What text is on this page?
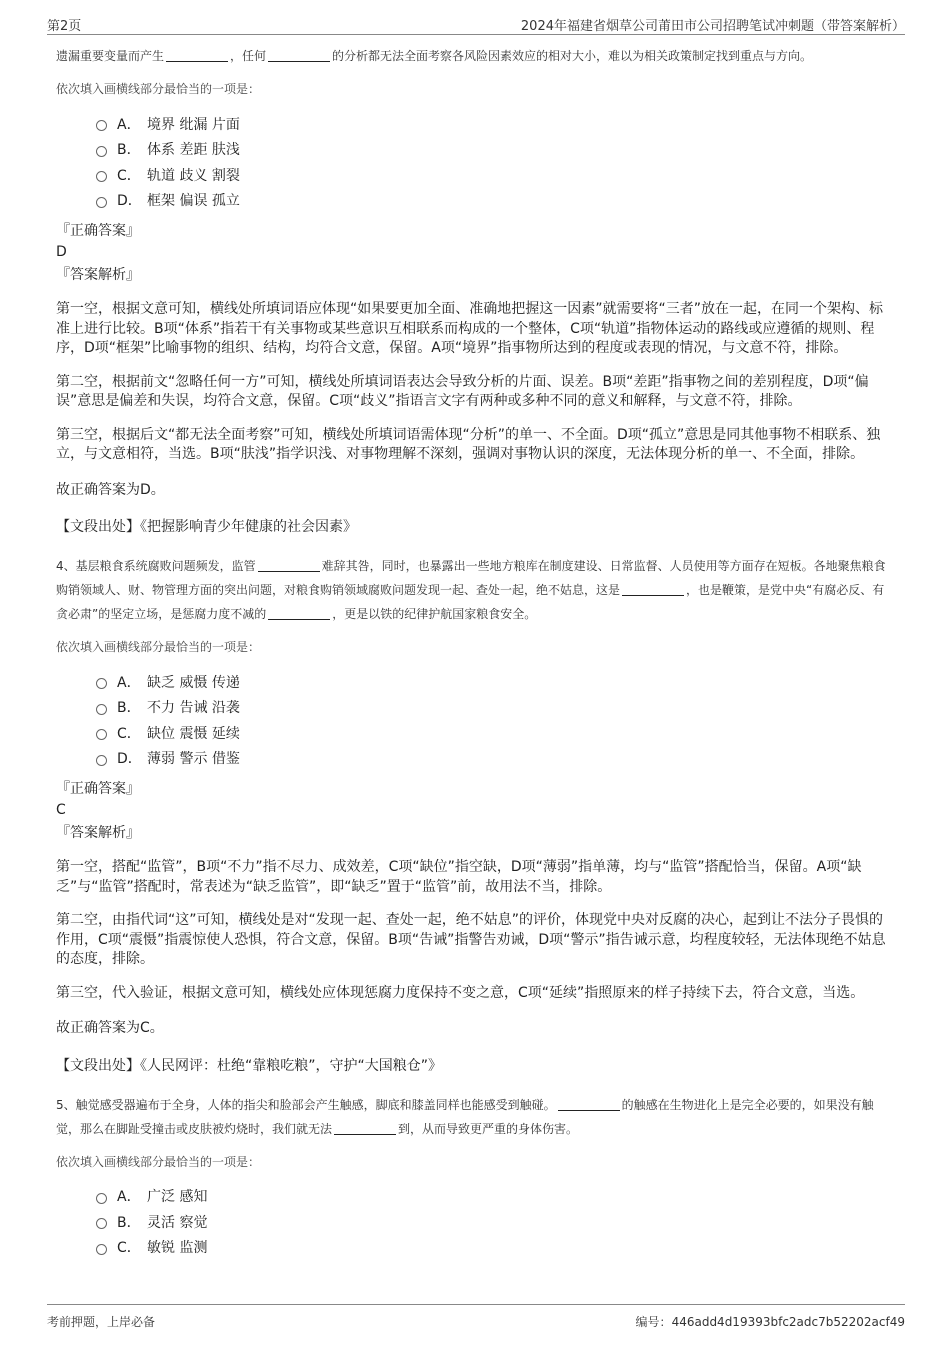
第2页	2024年福建省烟草公司莆田市公司招聘笔试冲刺题（带答案解析）
遗漏重要变量而产生	，任何	的分析都无法全面考察各风险因素效应的相对大小，难以为相关政策制定找到重点与方向。
依次填入画横线部分最恰当的一项是：
A． 境界 纰漏 片面
B． 体系 差距 肤浅
C． 轨道 歧义 割裂
D． 框架 偏误 孤立
『正确答案』
D
『答案解析』
第一空，根据文意可知，横线处所填词语应体现“如果要更加全面、准确地把握这一因素”就需要将“三者”放在一起，在同一个架构、标准上进行比较。B项“体系”指若干有关事物或某些意识互相联系而构成的一个整体，C项“轨道”指物体运动的路线或应遵循的规则、程序，D项“框架”比喻事物的组织、结构，均符合文意，保留。A项“境界”指事物所达到的程度或表现的情况，与文意不符，排除。
第二空，根据前文“忽略任何一方”可知，横线处所填词语表达会导致分析的片面、误差。B项“差距”指事物之间的差别程度，D项“偏误”意思是偏差和失误，均符合文意，保留。C项“歧义”指语言文字有两种或多种不同的意义和解释，与文意不符，排除。
第三空，根据后文“都无法全面考察”可知，横线处所填词语需体现“分析”的单一、不全面。D项“孤立”意思是同其他事物不相联系、独立，与文意相符，当选。B项“肤浅”指学识浅、对事物理解不深刻，强调对事物认识的深度，无法体现分析的单一、不全面，排除。
故正确答案为D。
【文段出处】《把握影响青少年健康的社会因素》
4、基层粮食系统腐败问题频发，监管	难辞其咎，同时，也暴露出一些地方粮库在制度建设、日常监督、人员使用等方面存在短板。各地聚焦粮食购销领域人、财、物管理方面的突出问题，对粮食购销领域腐败问题发现一起、查处一起，绝不姑息，这是	，也是鞭策，是党中央“有腐必反、有贪必肃”的坚定立场，是惩腐力度不减的	，更是以铁的纪律护航国家粮食安全。
依次填入画横线部分最恰当的一项是：
A． 缺乏 威慑 传递
B． 不力 告诫 沿袭
C． 缺位 震慑 延续
D． 薄弱 警示 借鉴
『正确答案』
C
『答案解析』
第一空，搭配“监管”，B项“不力”指不尽力、成效差，C项“缺位”指空缺，D项“薄弱”指单薄，均与“监管”搭配恰当，保留。A项“缺乏”与“监管”搭配时，常表述为“缺乏监管”，即“缺乏”置于“监管”前，故用法不当，排除。
第二空，由指代词“这”可知，横线处是对“发现一起、查处一起，绝不姑息”的评价，体现党中央对反腐的决心，起到让不法分子畏惧的作用，C项“震慑”指震惊使人恐惧，符合文意，保留。B项“告诫”指警告劝诫，D项“警示”指告诫示意，均程度较轻，无法体现绝不姑息的态度，排除。
第三空，代入验证，根据文意可知，横线处应体现惩腐力度保持不变之意，C项“延续”指照原来的样子持续下去，符合文意，当选。
故正确答案为C。
【文段出处】《人民网评：杜绝“靠粮吃粮”，守护“大国粮仓”》
5、触觉感受器遍布于全身，人体的指尖和脸部会产生触感，脚底和膝盖同样也能感受到触碰。	的触感在生物进化上是完全必要的，如果没有触觉，那么在脚趾受撞击或皮肤被灼烧时，我们就无法	到，从而导致更严重的身体伤害。
依次填入画横线部分最恰当的一项是：
A． 广泛 感知
B． 灵活 察觉
C． 敏锐 监测
考前押题，上岸必备	编号：446add4d19393bfc2adc7b52202acf49
